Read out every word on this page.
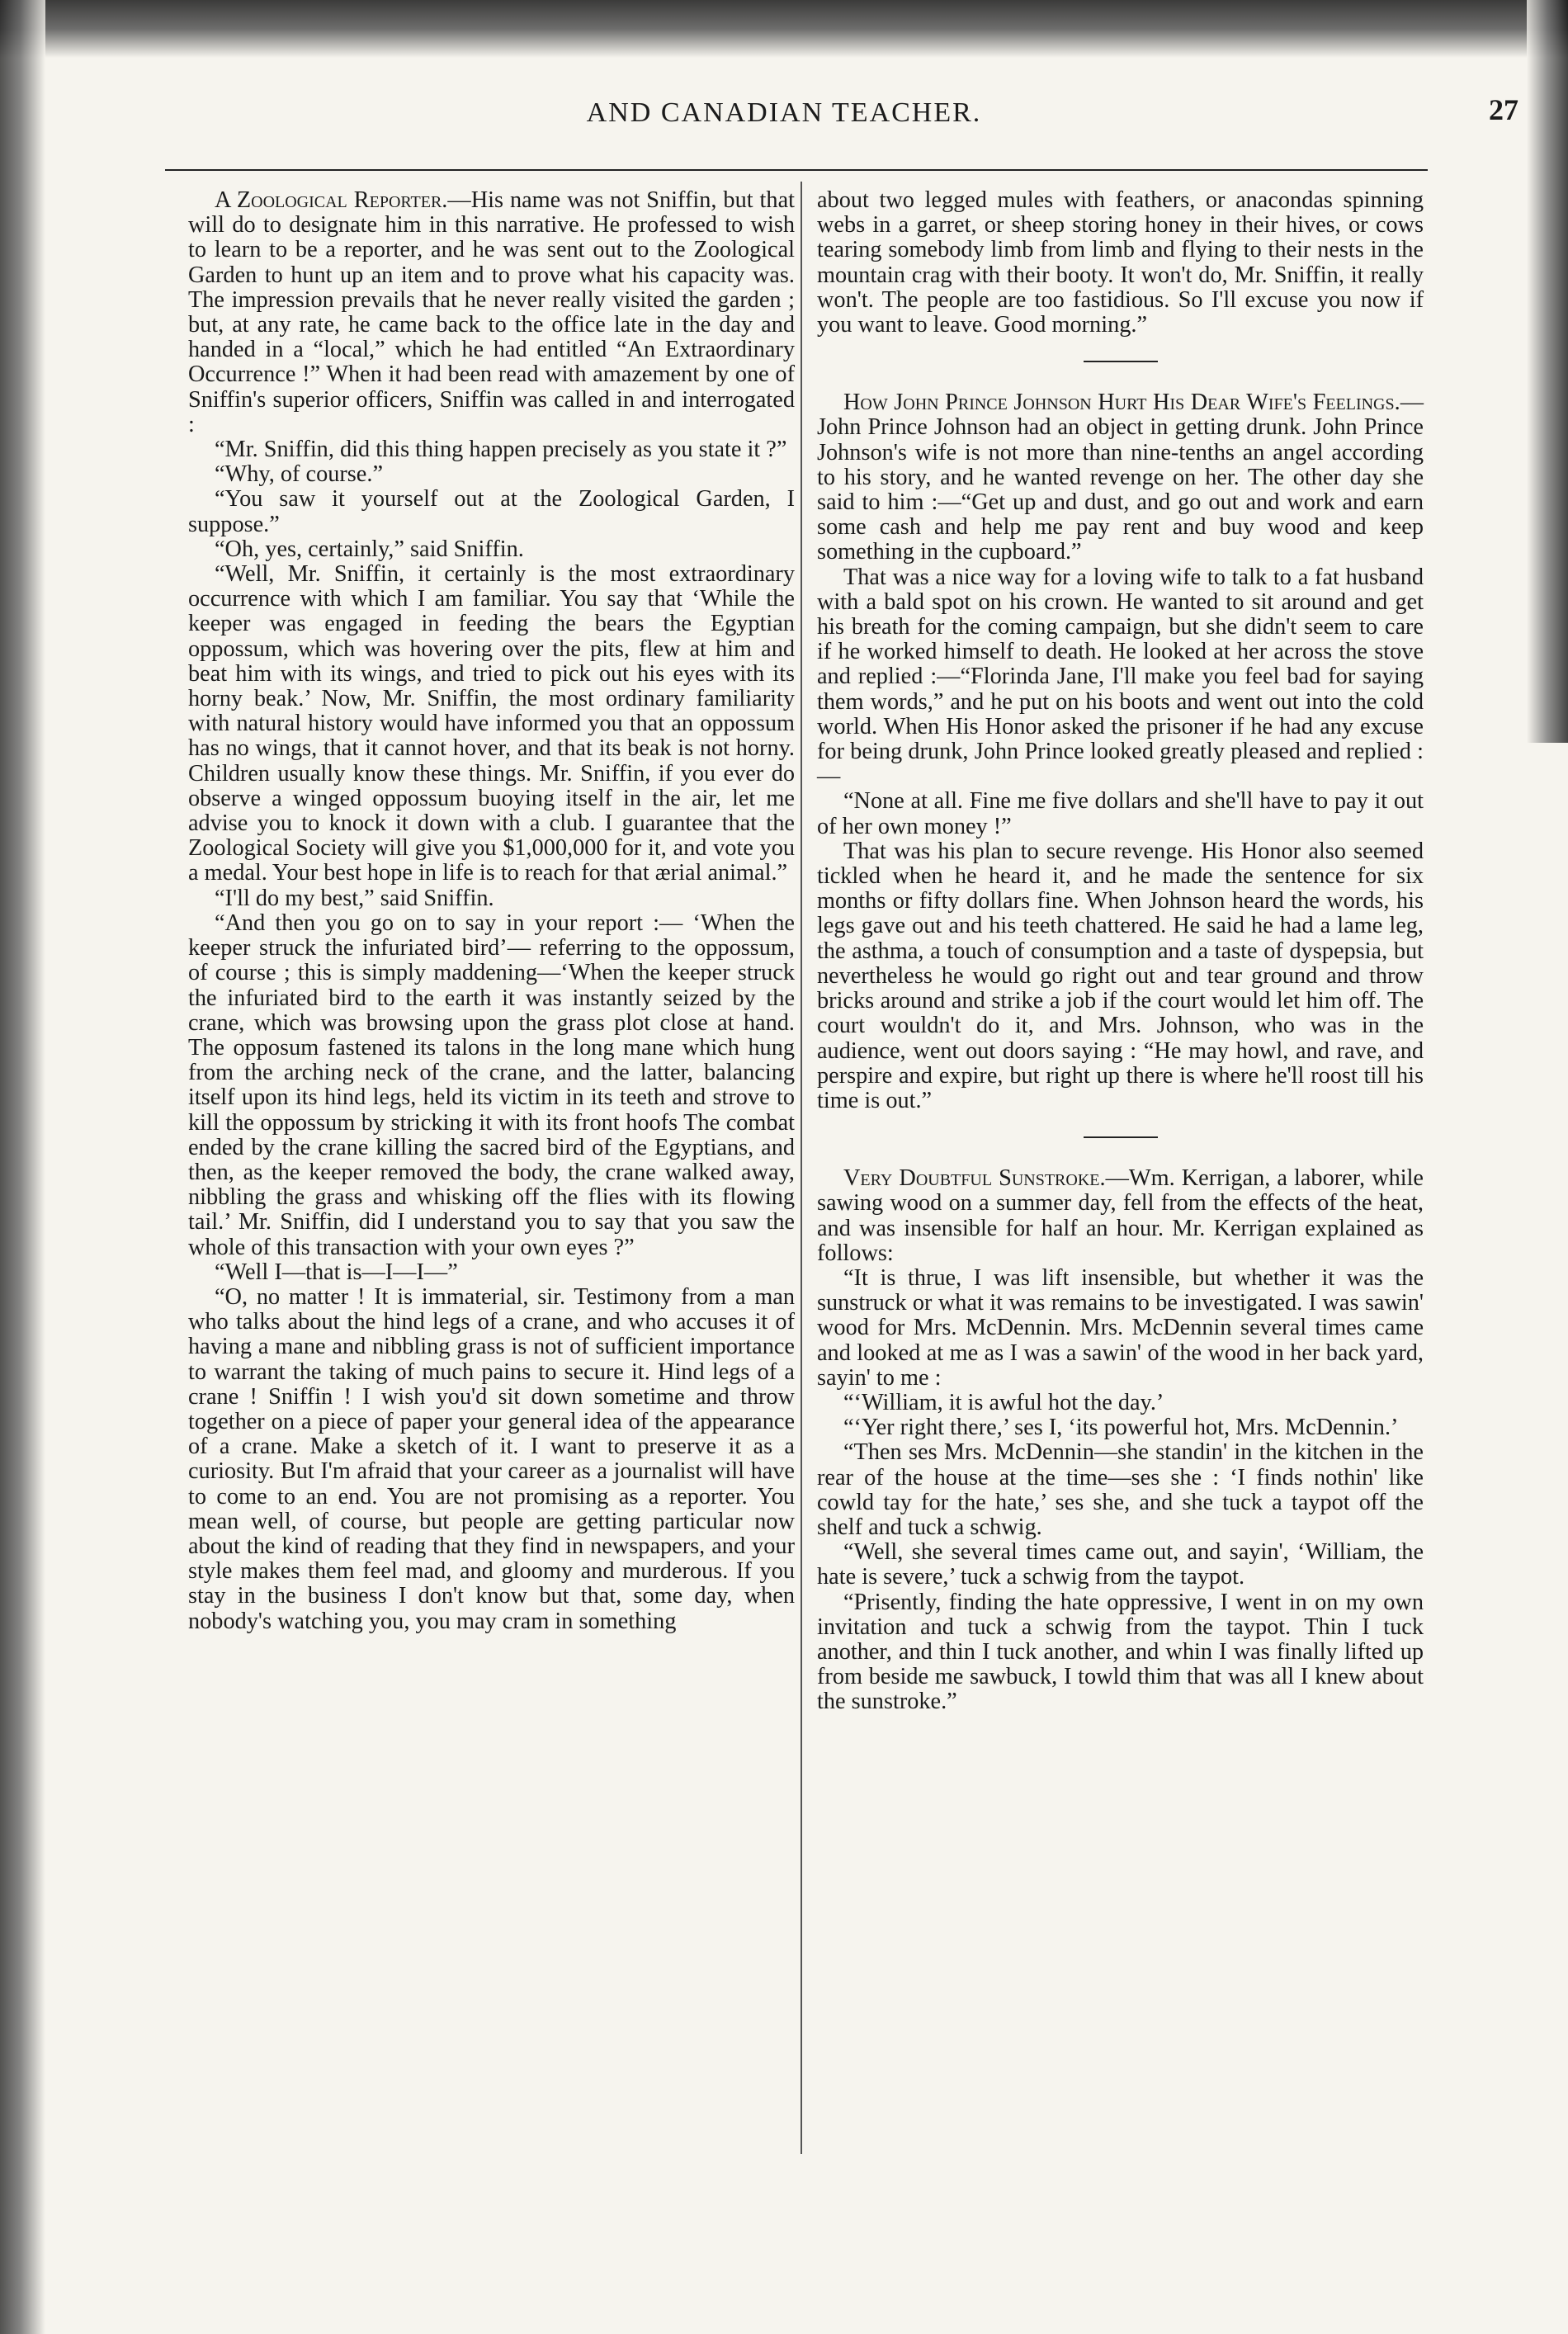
AND CANADIAN TEACHER.	27

A Zoological Reporter.—His name was not Sniffin, but that will do to designate him in this narrative. He professed to wish to learn to be a reporter, and he was sent out to the Zoological Garden to hunt up an item and to prove what his capacity was. The impression prevails that he never really visited the garden ; but, at any rate, he came back to the office late in the day and handed in a “local,” which he had entitled “An Extraordinary Occurrence !” When it had been read with amazement by one of Sniffin's superior officers, Sniffin was called in and interrogated :

“Mr. Sniffin, did this thing happen precisely as you state it ?”

“Why, of course.”

“You saw it yourself out at the Zoological Garden, I suppose.”

“Oh, yes, certainly,” said Sniffin.

“Well, Mr. Sniffin, it certainly is the most extraordinary occurrence with which I am familiar. You say that ‘While the keeper was engaged in feeding the bears the Egyptian oppossum, which was hovering over the pits, flew at him and beat him with its wings, and tried to pick out his eyes with its horny beak.’ Now, Mr. Sniffin, the most ordinary familiarity with natural history would have informed you that an oppossum has no wings, that it cannot hover, and that its beak is not horny. Children usually know these things. Mr. Sniffin, if you ever do observe a winged oppossum buoying itself in the air, let me advise you to knock it down with a club. I guarantee that the Zoological Society will give you $1,000,000 for it, and vote you a medal. Your best hope in life is to reach for that ærial animal.”

“I'll do my best,” said Sniffin.

“And then you go on to say in your report :— ‘When the keeper struck the infuriated bird’— referring to the oppossum, of course ; this is simply maddening—‘When the keeper struck the infuriated bird to the earth it was instantly seized by the crane, which was browsing upon the grass plot close at hand. The opposum fastened its talons in the long mane which hung from the arching neck of the crane, and the latter, balancing itself upon its hind legs, held its victim in its teeth and strove to kill the oppossum by stricking it with its front hoofs The combat ended by the crane killing the sacred bird of the Egyptians, and then, as the keeper removed the body, the crane walked away, nibbling the grass and whisking off the flies with its flowing tail.’ Mr. Sniffin, did I understand you to say that you saw the whole of this transaction with your own eyes ?”

“Well I—that is—I—I—”

“O, no matter ! It is immaterial, sir. Testimony from a man who talks about the hind legs of a crane, and who accuses it of having a mane and nibbling grass is not of sufficient importance to warrant the taking of much pains to secure it. Hind legs of a crane ! Sniffin ! I wish you'd sit down sometime and throw together on a piece of paper your general idea of the appearance of a crane. Make a sketch of it. I want to preserve it as a curiosity. But I'm afraid that your career as a journalist will have to come to an end. You are not promising as a reporter. You mean well, of course, but people are getting particular now about the kind of reading that they find in newspapers, and your style makes them feel mad, and gloomy and murderous. If you stay in the business I don't know but that, some day, when nobody's watching you, you may cram in something

about two legged mules with feathers, or anacondas spinning webs in a garret, or sheep storing honey in their hives, or cows tearing somebody limb from limb and flying to their nests in the mountain crag with their booty. It won't do, Mr. Sniffin, it really won't. The people are too fastidious. So I'll excuse you now if you want to leave. Good morning.”

How John Prince Johnson Hurt His Dear Wife's Feelings.—John Prince Johnson had an object in getting drunk. John Prince Johnson's wife is not more than nine-tenths an angel according to his story, and he wanted revenge on her. The other day she said to him :—“Get up and dust, and go out and work and earn some cash and help me pay rent and buy wood and keep something in the cupboard.”

That was a nice way for a loving wife to talk to a fat husband with a bald spot on his crown. He wanted to sit around and get his breath for the coming campaign, but she didn't seem to care if he worked himself to death. He looked at her across the stove and replied :—“Florinda Jane, I'll make you feel bad for saying them words,” and he put on his boots and went out into the cold world. When His Honor asked the prisoner if he had any excuse for being drunk, John Prince looked greatly pleased and replied :—

“None at all. Fine me five dollars and she'll have to pay it out of her own money !”

That was his plan to secure revenge. His Honor also seemed tickled when he heard it, and he made the sentence for six months or fifty dollars fine. When Johnson heard the words, his legs gave out and his teeth chattered. He said he had a lame leg, the asthma, a touch of consumption and a taste of dyspepsia, but nevertheless he would go right out and tear ground and throw bricks around and strike a job if the court would let him off. The court wouldn't do it, and Mrs. Johnson, who was in the audience, went out doors saying : “He may howl, and rave, and perspire and expire, but right up there is where he'll roost till his time is out.”

Very Doubtful Sunstroke.—Wm. Kerrigan, a laborer, while sawing wood on a summer day, fell from the effects of the heat, and was insensible for half an hour. Mr. Kerrigan explained as follows:

“It is thrue, I was lift insensible, but whether it was the sunstruck or what it was remains to be investigated. I was sawin' wood for Mrs. McDennin. Mrs. McDennin several times came and looked at me as I was a sawin' of the wood in her back yard, sayin' to me :

“‘William, it is awful hot the day.’

“‘Yer right there,’ ses I, ‘its powerful hot, Mrs. McDennin.’

“Then ses Mrs. McDennin—she standin' in the kitchen in the rear of the house at the time—ses she : ‘I finds nothin' like cowld tay for the hate,’ ses she, and she tuck a taypot off the shelf and tuck a schwig.

“Well, she several times came out, and sayin', ‘William, the hate is severe,’ tuck a schwig from the taypot.

“Prisently, finding the hate oppressive, I went in on my own invitation and tuck a schwig from the taypot. Thin I tuck another, and thin I tuck another, and whin I was finally lifted up from beside me sawbuck, I towld thim that was all I knew about the sunstroke.”
